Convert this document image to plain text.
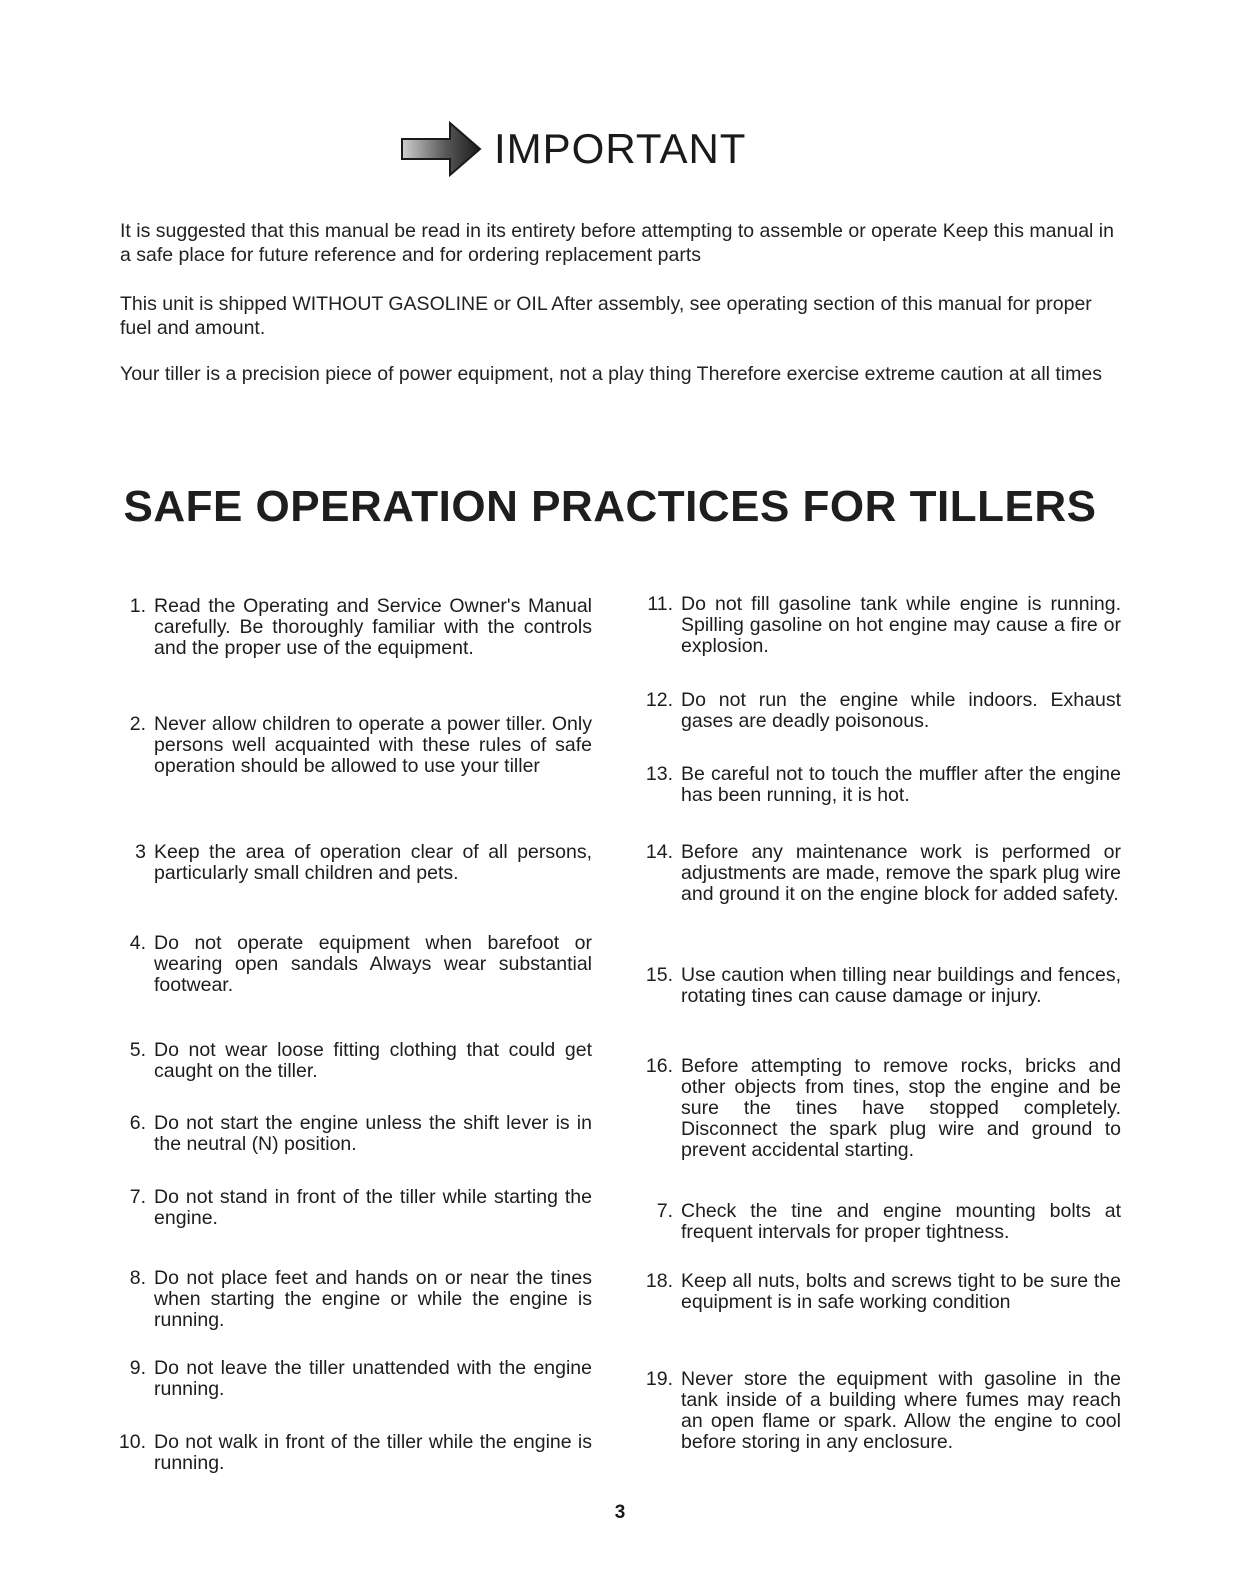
IMPORTANT

It is suggested that this manual be read in its entirety before attempting to assemble or operate Keep this manual in a safe place for future reference and for ordering replacement parts

This unit is shipped WITHOUT GASOLINE or OIL After assembly, see operating section of this manual for proper fuel and amount.

Your tiller is a precision piece of power equipment, not a play thing Therefore exercise extreme caution at all times

SAFE OPERATION PRACTICES FOR TILLERS
1. Read the Operating and Service Owner's Manual carefully. Be thoroughly familiar with the controls and the proper use of the equipment.
2. Never allow children to operate a power tiller. Only persons well acquainted with these rules of safe operation should be allowed to use your tiller
3 Keep the area of operation clear of all persons, particularly small children and pets.
4. Do not operate equipment when barefoot or wearing open sandals Always wear substantial footwear.
5. Do not wear loose fitting clothing that could get caught on the tiller.
6. Do not start the engine unless the shift lever is in the neutral (N) position.
7. Do not stand in front of the tiller while starting the engine.
8. Do not place feet and hands on or near the tines when starting the engine or while the engine is running.
9. Do not leave the tiller unattended with the engine running.
10. Do not walk in front of the tiller while the engine is running.
11. Do not fill gasoline tank while engine is running. Spilling gasoline on hot engine may cause a fire or explosion.
12. Do not run the engine while indoors. Exhaust gases are deadly poisonous.
13. Be careful not to touch the muffler after the engine has been running, it is hot.
14. Before any maintenance work is performed or adjustments are made, remove the spark plug wire and ground it on the engine block for added safety.
15. Use caution when tilling near buildings and fences, rotating tines can cause damage or injury.
16. Before attempting to remove rocks, bricks and other objects from tines, stop the engine and be sure the tines have stopped completely. Disconnect the spark plug wire and ground to prevent accidental starting.
7. Check the tine and engine mounting bolts at frequent intervals for proper tightness.
18. Keep all nuts, bolts and screws tight to be sure the equipment is in safe working condition
19. Never store the equipment with gasoline in the tank inside of a building where fumes may reach an open flame or spark. Allow the engine to cool before storing in any enclosure.
3
